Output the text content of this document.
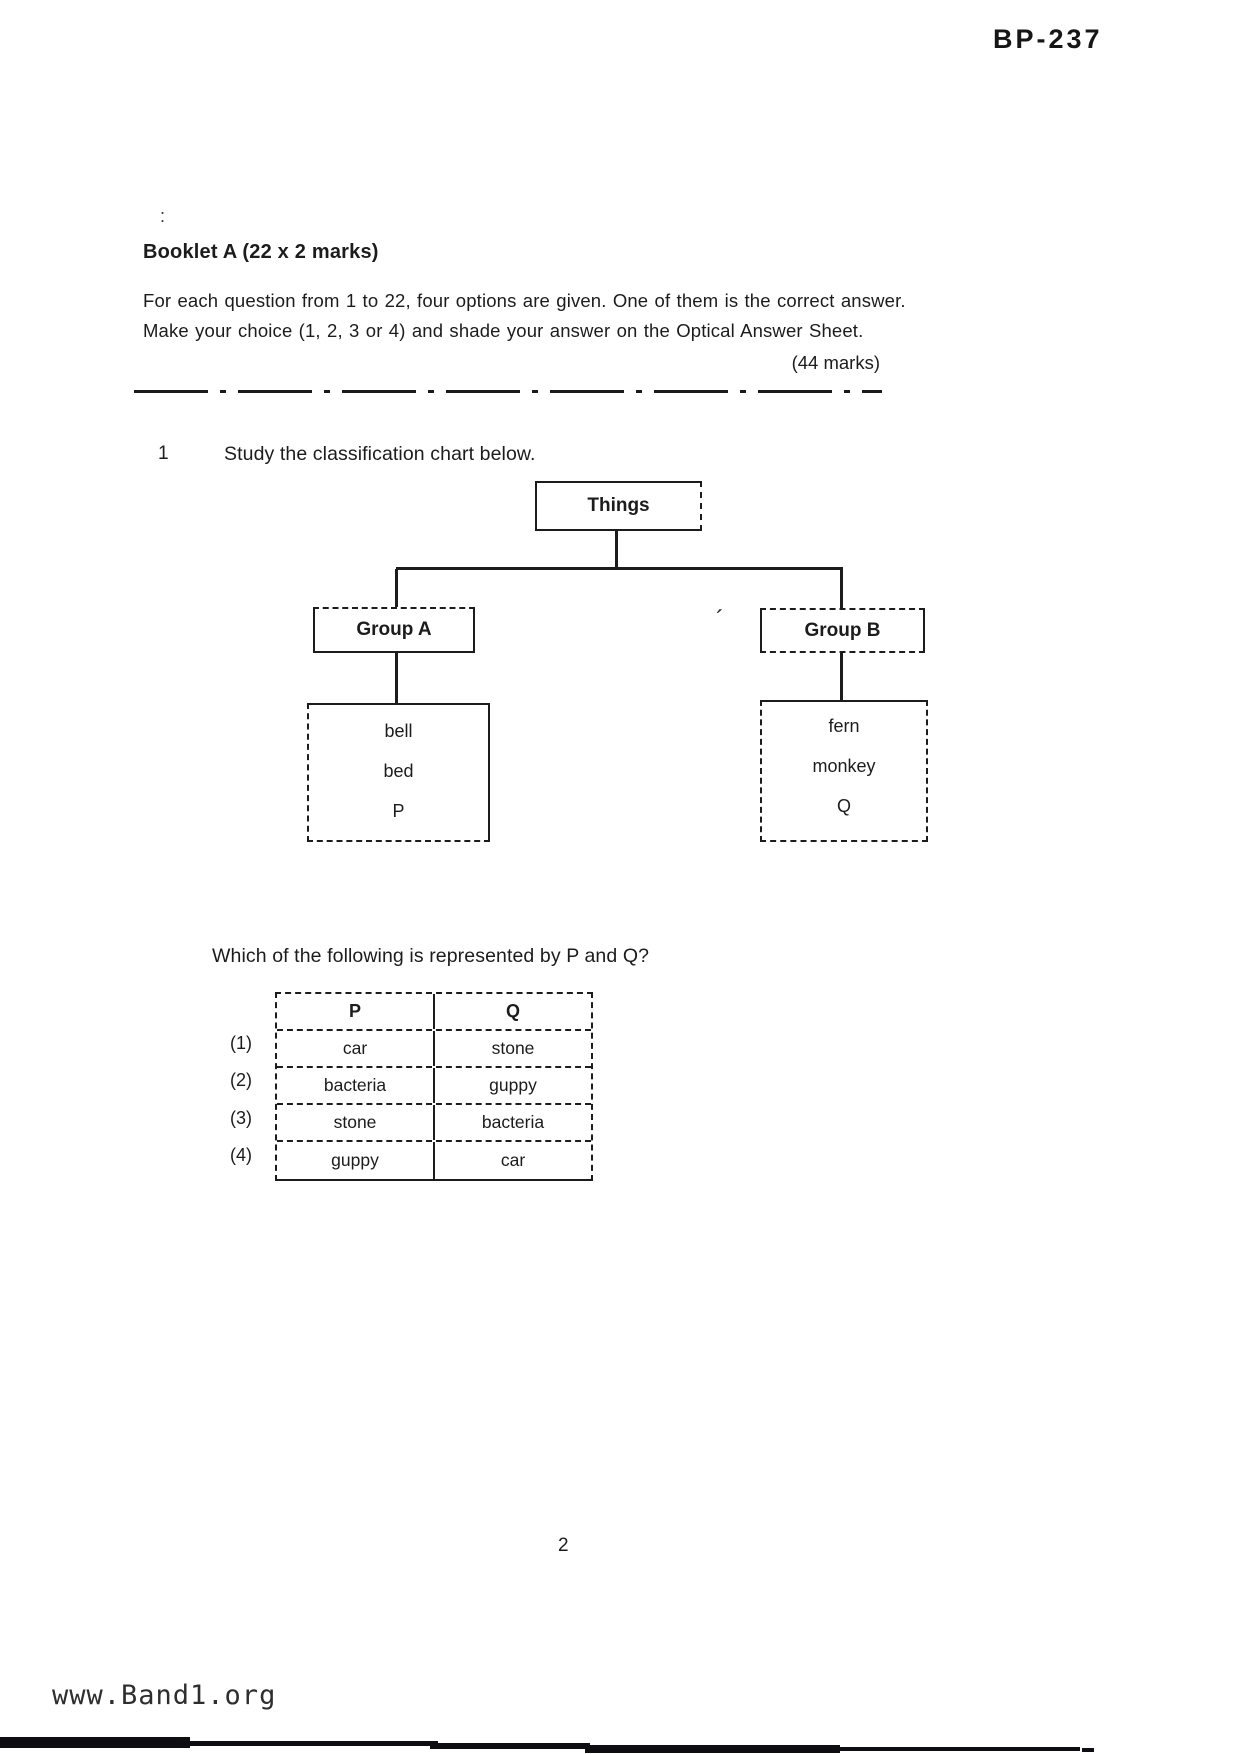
BP-237
:
Booklet A (22 x 2 marks)
For each question from 1 to 22, four options are given. One of them is the correct answer.
Make your choice (1, 2, 3 or 4) and shade your answer on the Optical Answer Sheet.
(44 marks)
1	Study the classification chart below.
Things
Group A	´	Group B
bell
bed
P
fern
monkey
Q
Which of the following is represented by P and Q?
(1)
(2)
(3)
(4)
P	Q
car	stone
bacteria	guppy
stone	bacteria
guppy	car
2
www.Band1.org
